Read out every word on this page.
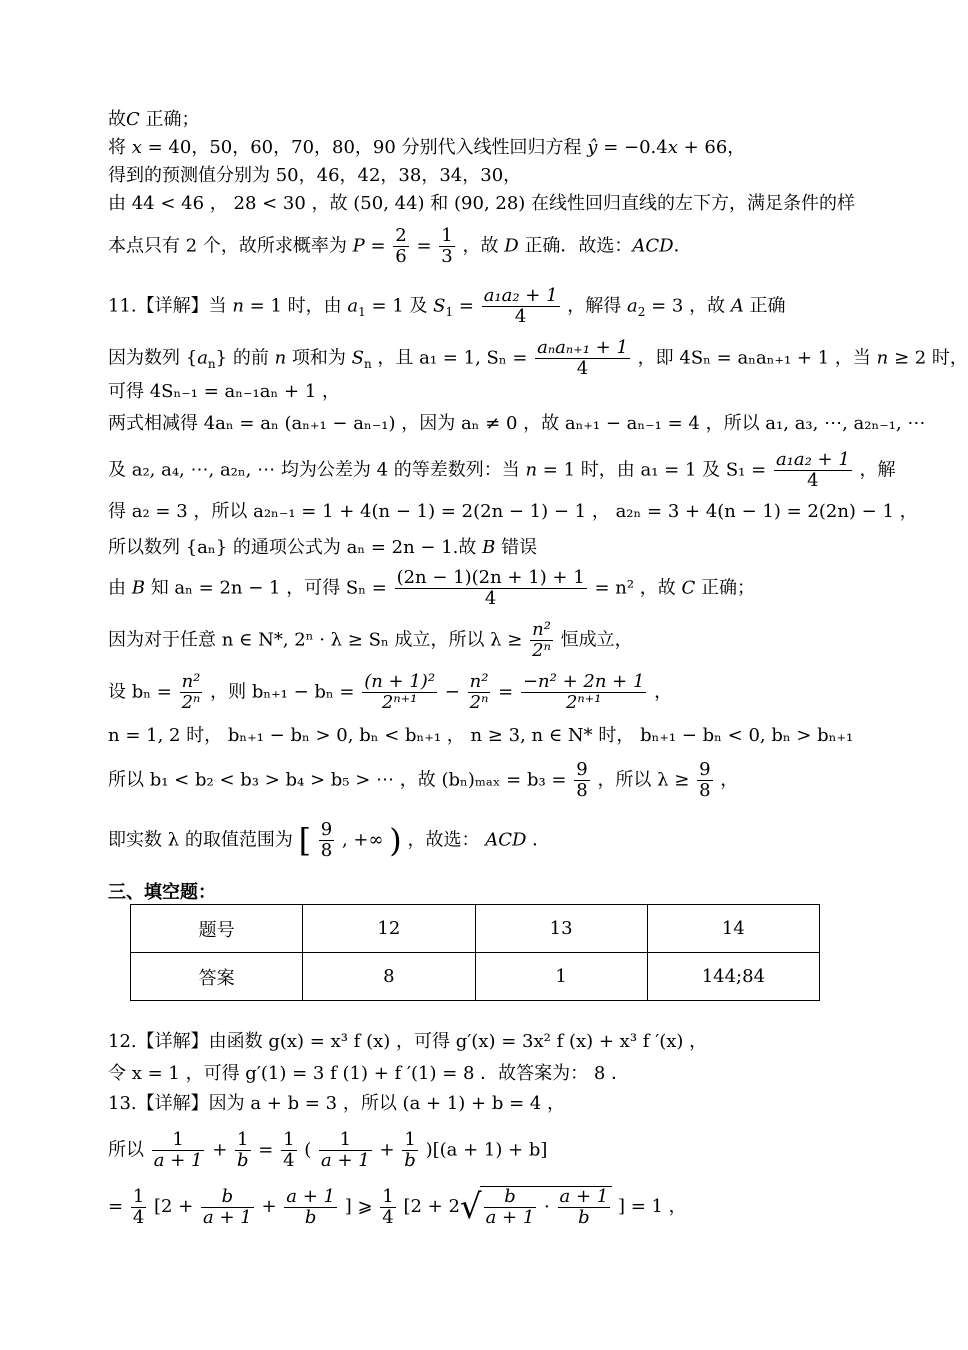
故C 正确；
将 x = 40，50，60，70，80，90 分别代入线性回归方程 ŷ = −0.4x + 66，
得到的预测值分别为 50，46，42，38，34，30，
由 44 < 46 ， 28 < 30 ，故 (50, 44) 和 (90, 28) 在线性回归直线的左下方，满足条件的样
本点只有 2 个，故所求概率为 $P = \frac{2}{6} = \frac{1}{3}$ ，故 D 正确．故选：ACD．
11.【详解】当 n = 1 时，由 $a_1 = 1$ 及 $S_1 = \frac{\text{a₁a₂ + 1}}{4}$ ，解得 $a_2 = 3$ ，故 A 正确
因为数列 $\{a_n\}$ 的前 n 项和为 $S_n$ ，且 a₁ = 1, $S_n = \frac{\text{aₙaₙ₊₁ + 1}}{4}$ ，即 4Sₙ = aₙaₙ₊₁ + 1 ，当 n ≥ 2 时，
可得 4Sₙ₋₁ = aₙ₋₁aₙ + 1 ，
两式相减得 4aₙ = aₙ (aₙ₊₁ − aₙ₋₁) ，因为 aₙ ≠ 0 ，故 aₙ₊₁ − aₙ₋₁ = 4 ，所以 a₁, a₃, ⋯, a₂ₙ₋₁, ⋯
及 a₂, a₄, ⋯, a₂ₙ, ⋯ 均为公差为 4 的等差数列：当 n = 1 时，由 a₁ = 1 及 $S_1 = \frac{\text{a₁a₂ + 1}}{4}$ ，解
得 a₂ = 3 ，所以 a₂ₙ₋₁ = 1 + 4(n − 1) = 2(2n − 1) − 1 ， a₂ₙ = 3 + 4(n − 1) = 2(2n) − 1 ，
所以数列 {aₙ} 的通项公式为 aₙ = 2n − 1.故 B 错误
由 B 知 aₙ = 2n − 1 ，可得 $S_n = \frac{(2n - 1)(2n + 1) + 1}{4} = n^2$ ，故 C 正确；
因为对于任意 n ∈ N*, 2ⁿ · λ ≥ Sₙ 成立，所以 $\lambda \ge \frac{\text{n²}}{\text{2ⁿ}}$ 恒成立，
设 $b_n = \frac{\text{n²}}{\text{2ⁿ}}$ ，则 $b_{n+1} - b_n = \frac{\text{(n + 1)²}}{\text{2ⁿ⁺¹}} - \frac{\text{n²}}{\text{2ⁿ}} = \frac{\text{−n² + 2n + 1}}{\text{2ⁿ⁺¹}}$ ，
n = 1, 2 时， bₙ₊₁ − bₙ > 0, bₙ < bₙ₊₁ ， n ≥ 3, n ∈ N* 时， bₙ₊₁ − bₙ < 0, bₙ > bₙ₊₁
所以 b₁ < b₂ < b₃ > b₄ > b₅ > ⋯ ，故 $(b_n)_{max} = b_3 = \frac{9}{8}$ ，所以 $\lambda \ge \frac{9}{8}$ ，
即实数 λ 的取值范围为 [ $\frac{9}{8}$ , +∞ ) ，故选： ACD ．
三、填空题：
题号	12	13	14
答案	8	1	144;84
12.【详解】由函数 g(x) = x³ f (x) ，可得 g′(x) = 3x² f (x) + x³ f ′(x) ，
令 x = 1 ，可得 g′(1) = 3 f (1) + f ′(1) = 8 ．故答案为： 8 ．
13.【详解】因为 a + b = 3 ，所以 (a + 1) + b = 4 ，
所以 $\frac{1}{a + 1} + \frac{1}{b} = \frac{1}{4}$ ( $\frac{1}{a + 1} + \frac{1}{b} )[(a + 1) + b]$
= $\frac{1}{4} [2 + \frac{b}{a + 1} + \frac{a + 1}{b}$ ] ⩾ $\frac{1}{4} [2 + 2√ \frac{b}{a + 1} \cdot \frac{a + 1}{b}$ ] = 1 ，
